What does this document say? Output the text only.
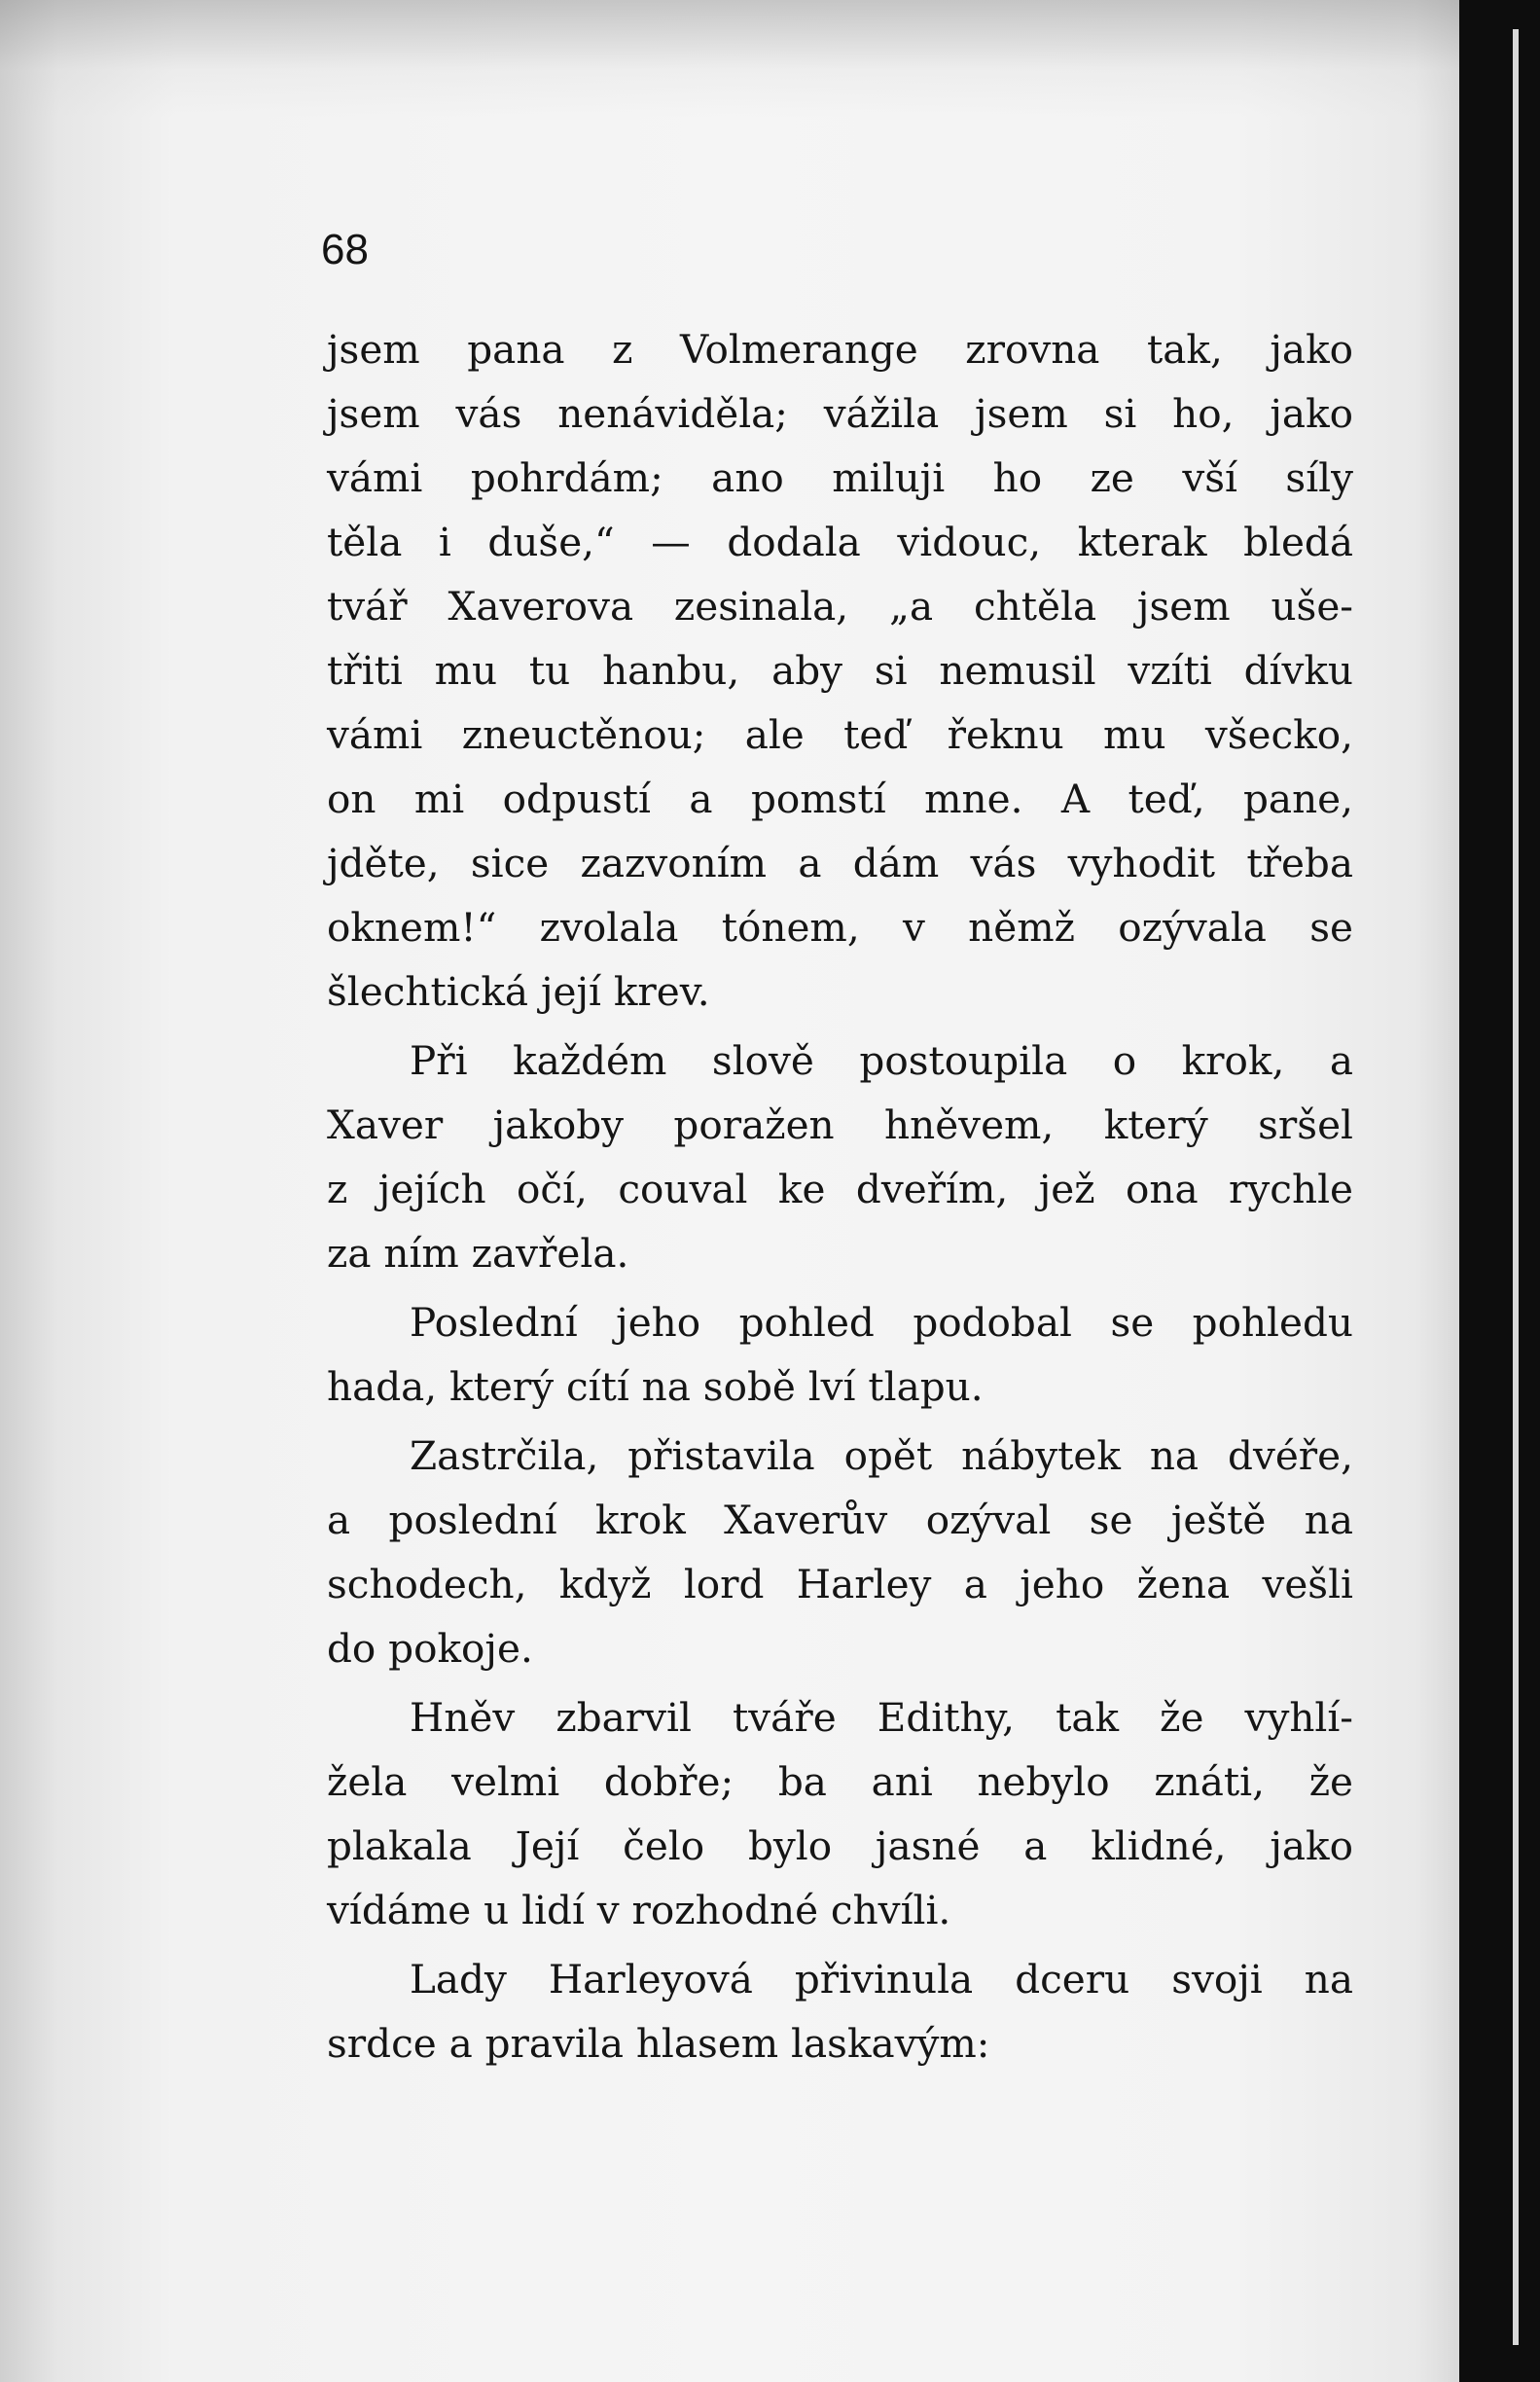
68
jsem pana z Volmerange zrovna tak, jako
jsem vás nenáviděla; vážila jsem si ho, jako
vámi pohrdám; ano miluji ho ze vší síly
těla i duše,“ — dodala vidouc, kterak bledá
tvář Xaverova zesinala, „a chtěla jsem uše-
třiti mu tu hanbu, aby si nemusil vzíti dívku
vámi zneuctěnou; ale teď řeknu mu všecko,
on mi odpustí a pomstí mne. A teď, pane,
jděte, sice zazvoním a dám vás vyhodit třeba
oknem!“ zvolala tónem, v němž ozývala se
šlechtická její krev.
Při každém slově postoupila o krok, a
Xaver jakoby poražen hněvem, který sršel
z jejích očí, couval ke dveřím, jež ona rychle
za ním zavřela.
Poslední jeho pohled podobal se pohledu
hada, který cítí na sobě lví tlapu.
Zastrčila, přistavila opět nábytek na dvéře,
a poslední krok Xaverův ozýval se ještě na
schodech, když lord Harley a jeho žena vešli
do pokoje.
Hněv zbarvil tváře Edithy, tak že vyhlí-
žela velmi dobře; ba ani nebylo znáti, že
plakala Její čelo bylo jasné a klidné, jako
vídáme u lidí v rozhodné chvíli.
Lady Harleyová přivinula dceru svoji na
srdce a pravila hlasem laskavým:
